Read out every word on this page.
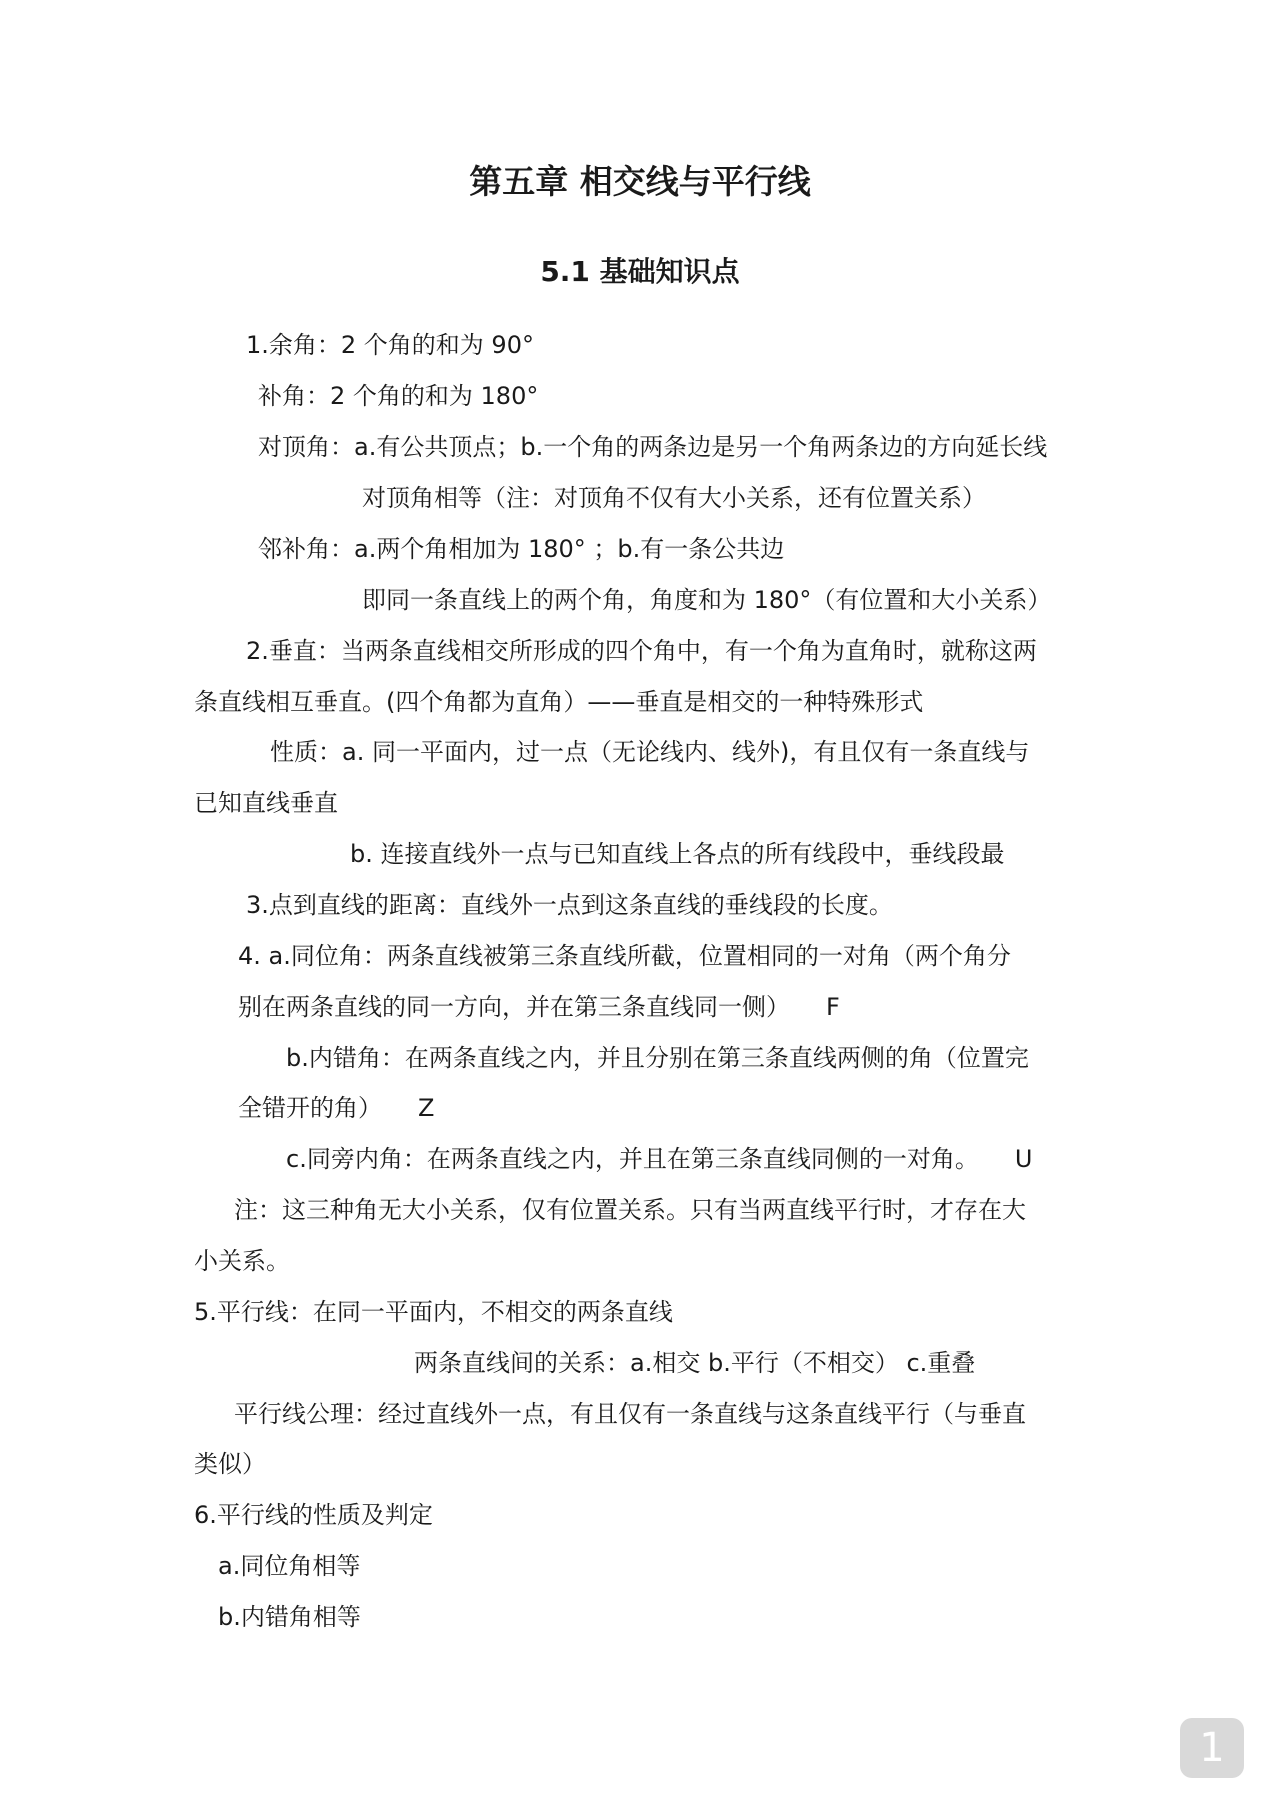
第五章 相交线与平行线
5.1 基础知识点

1.余角：2 个角的和为 90°

补角：2 个角的和为 180°

对顶角：a.有公共顶点；b.一个角的两条边是另一个角两条边的方向延长线

对顶角相等（注：对顶角不仅有大小关系，还有位置关系）

邻补角：a.两个角相加为 180° ；b.有一条公共边

即同一条直线上的两个角，角度和为 180°（有位置和大小关系）

2.垂直：当两条直线相交所形成的四个角中，有一个角为直角时，就称这两

条直线相互垂直。(四个角都为直角）——垂直是相交的一种特殊形式

性质：a. 同一平面内，过一点（无论线内、线外)，有且仅有一条直线与

已知直线垂直

b. 连接直线外一点与已知直线上各点的所有线段中，垂线段最

3.点到直线的距离：直线外一点到这条直线的垂线段的长度。

4. a.同位角：两条直线被第三条直线所截，位置相同的一对角（两个角分

别在两条直线的同一方向，并在第三条直线同一侧） F

b.内错角：在两条直线之内，并且分别在第三条直线两侧的角（位置完

全错开的角） Z

c.同旁内角：在两条直线之内，并且在第三条直线同侧的一对角。 U

注：这三种角无大小关系，仅有位置关系。只有当两直线平行时，才存在大

小关系。

5.平行线：在同一平面内，不相交的两条直线

两条直线间的关系：a.相交 b.平行（不相交） c.重叠

平行线公理：经过直线外一点，有且仅有一条直线与这条直线平行（与垂直

类似）

6.平行线的性质及判定

a.同位角相等

b.内错角相等

1
